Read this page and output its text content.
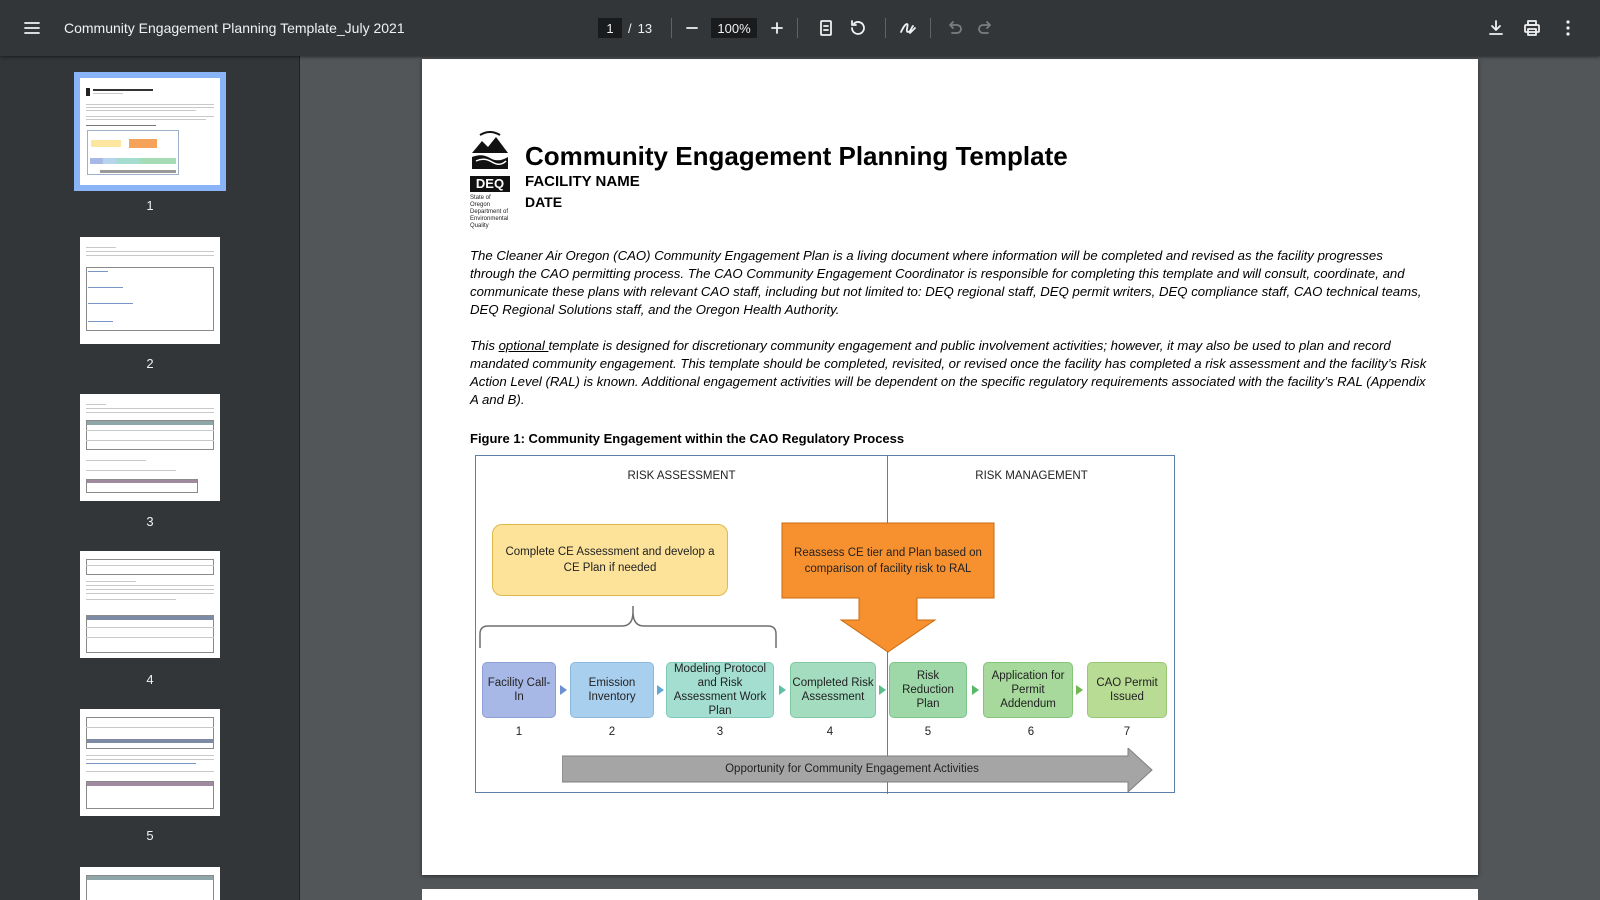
Community Engagement Planning Template_July 2021
1	/ 13
100%
1
2
3
4
5
DEQ
State of Oregon
Department of
Environmental
Quality
Community Engagement Planning Template
FACILITY NAME
DATE
The Cleaner Air Oregon (CAO) Community Engagement Plan is a living document where information will be completed and revised as the facility progresses through the CAO permitting process. The CAO Community Engagement Coordinator is responsible for completing this template and will consult, coordinate, and communicate these plans with relevant CAO staff, including but not limited to: DEQ regional staff, DEQ permit writers, DEQ compliance staff, CAO technical teams, DEQ Regional Solutions staff, and the Oregon Health Authority.
This optional template is designed for discretionary community engagement and public involvement activities; however, it may also be used to plan and record mandated community engagement. This template should be completed, revisited, or revised once the facility has completed a risk assessment and the facility’s Risk Action Level (RAL) is known. Additional engagement activities will be dependent on the specific regulatory requirements associated with the facility’s RAL (Appendix A and B).
Figure 1: Community Engagement within the CAO Regulatory Process
RISK ASSESSMENT	RISK MANAGEMENT
Complete CE Assessment and develop a CE Plan if needed
Reassess CE tier and Plan based on comparison of facility risk to RAL
Facility Call-In
Emission Inventory
Modeling Protocol and Risk Assessment Work Plan
Completed Risk Assessment
Risk Reduction Plan
Application for Permit Addendum
CAO Permit Issued
1	2	3	4	5	6	7
Opportunity for Community Engagement Activities
